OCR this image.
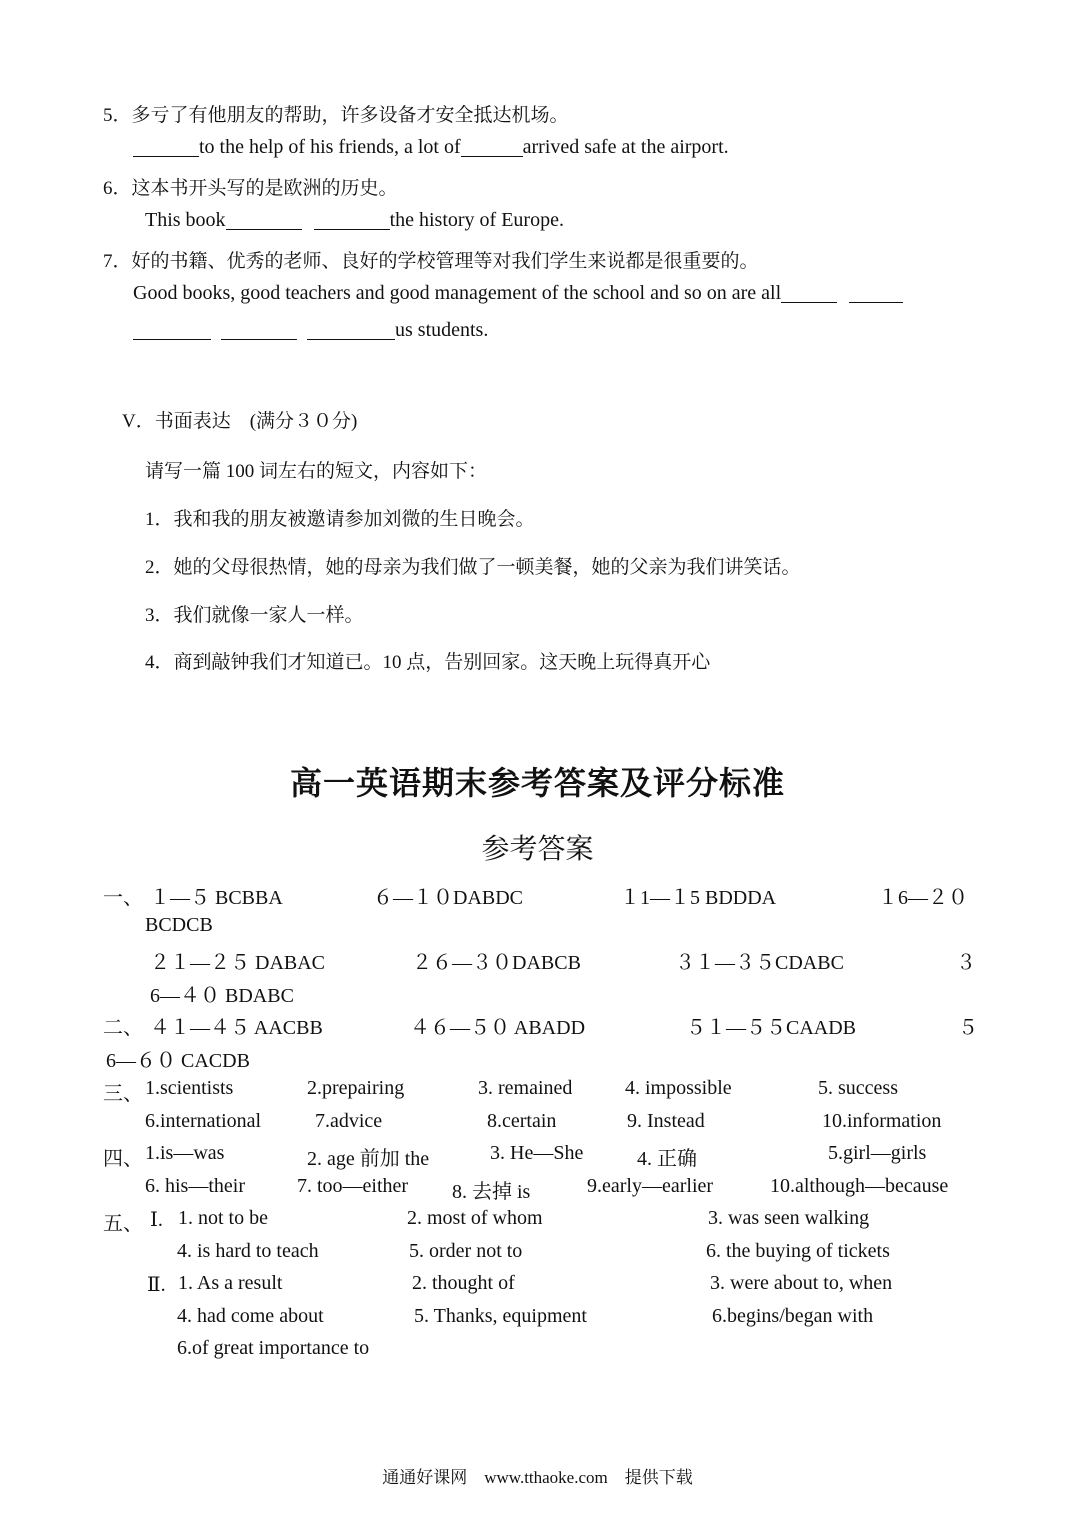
5．多亏了有他朋友的帮助，许多设备才安全抵达机场。
to the help of his friends, a lot of	arrived safe at the airport.
6．这本书开头写的是欧洲的历史。
This book	the history of Europe.
7．好的书籍、优秀的老师、良好的学校管理等对我们学生来说都是很重要的。
Good books, good teachers and good management of the school and so on are all
us students.
V．书面表达　(满分３０分)
请写一篇 100 词左右的短文，内容如下：
1．我和我的朋友被邀请参加刘微的生日晚会。
2．她的父母很热情，她的母亲为我们做了一顿美餐，她的父亲为我们讲笑话。
3．我们就像一家人一样。
4．商到敲钟我们才知道已。10 点，告别回家。这天晚上玩得真开心
高一英语期末参考答案及评分标准
参考答案
一、 １—５ BCBBA	６—１０DABDC	１1—１5 BDDDA	１6—２０
BCDCB
２１—２５ DABAC	２６—３０DABCB	３１—３５CDABC	３
6—４０ BDABC
二、 ４１—４５ AACBB	４６—５０ ABADD	５１—５５CAADB	５
6—６０ CACDB
三、 1.scientists	2.prepairing	3. remained	4. impossible	5. success
6.international	7.advice	8.certain	9. Instead	10.information
四、 1.is—was	2. age 前加 the	3. He—She	4. 正确	5.girl—girls
6. his—their	7. too—either 8. 去掉 is	9.early—earlier	10.although—because
五、 Ⅰ. 1. not to be	2. most of whom	3. was seen walking
4. is hard to teach	5. order not to	6. the buying of tickets
Ⅱ. 1. As a result	2. thought of	3. were about to, when
4. had come about	5. Thanks, equipment	6.begins/began with
6.of great importance to
通通好课网　www.tthaoke.com　提供下载
